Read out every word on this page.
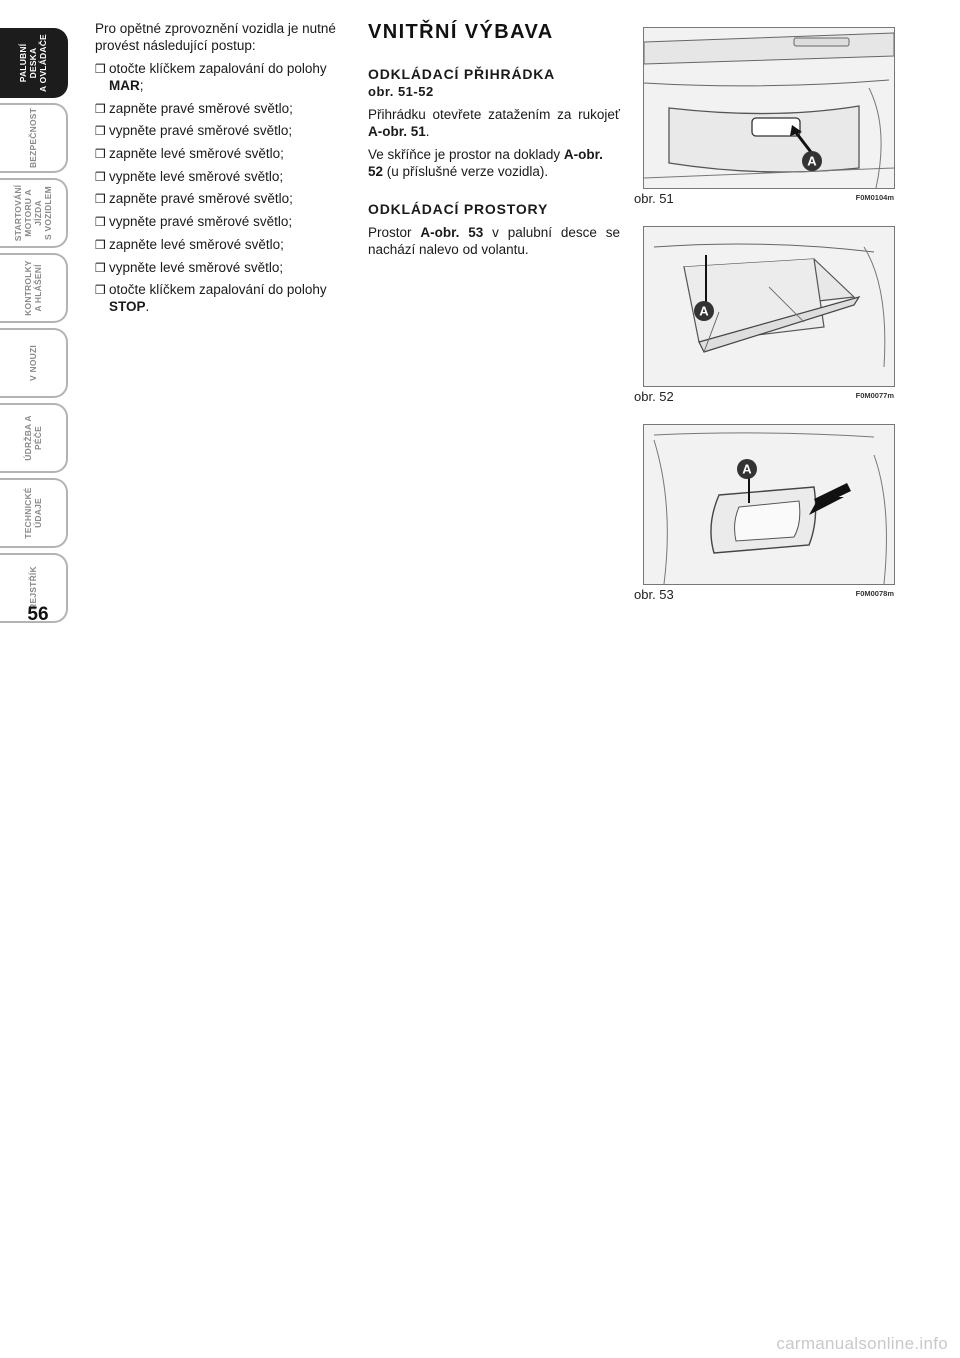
PALUBNÍ DESKA
A OVLÁDAČE
BEZPEČNOST
STARTOVÁNÍ
MOTORU A JÍZDA
S VOZIDLEM
KONTROLKY
A HLÁŠENÍ
V NOUZI
ÚDRŽBA A PÉČE
TECHNICKÉ
ÚDAJE
REJSTŘÍK
56

Pro opětné zprovoznění vozidla je nutné provést následující postup:

❒ otočte klíčkem zapalování do polohy MAR;
❒ zapněte pravé směrové světlo;
❒ vypněte pravé směrové světlo;
❒ zapněte levé směrové světlo;
❒ vypněte levé směrové světlo;
❒ zapněte pravé směrové světlo;
❒ vypněte pravé směrové světlo;
❒ zapněte levé směrové světlo;
❒ vypněte levé směrové světlo;
❒ otočte klíčkem zapalování do polohy STOP.
VNITŘNÍ VÝBAVA
ODKLÁDACÍ PŘIHRÁDKA
obr. 51-52

Přihrádku otevřete zatažením za rukojeť A-obr. 51.

Ve skříňce je prostor na doklady A-obr. 52 (u příslušné verze vozidla).

ODKLÁDACÍ PROSTORY

Prostor A-obr. 53 v palubní desce se nachází nalevo od volantu.

A
obr. 51	F0M0104m
A
obr. 52	F0M0077m
A
obr. 53	F0M0078m
carmanualsonline.info
